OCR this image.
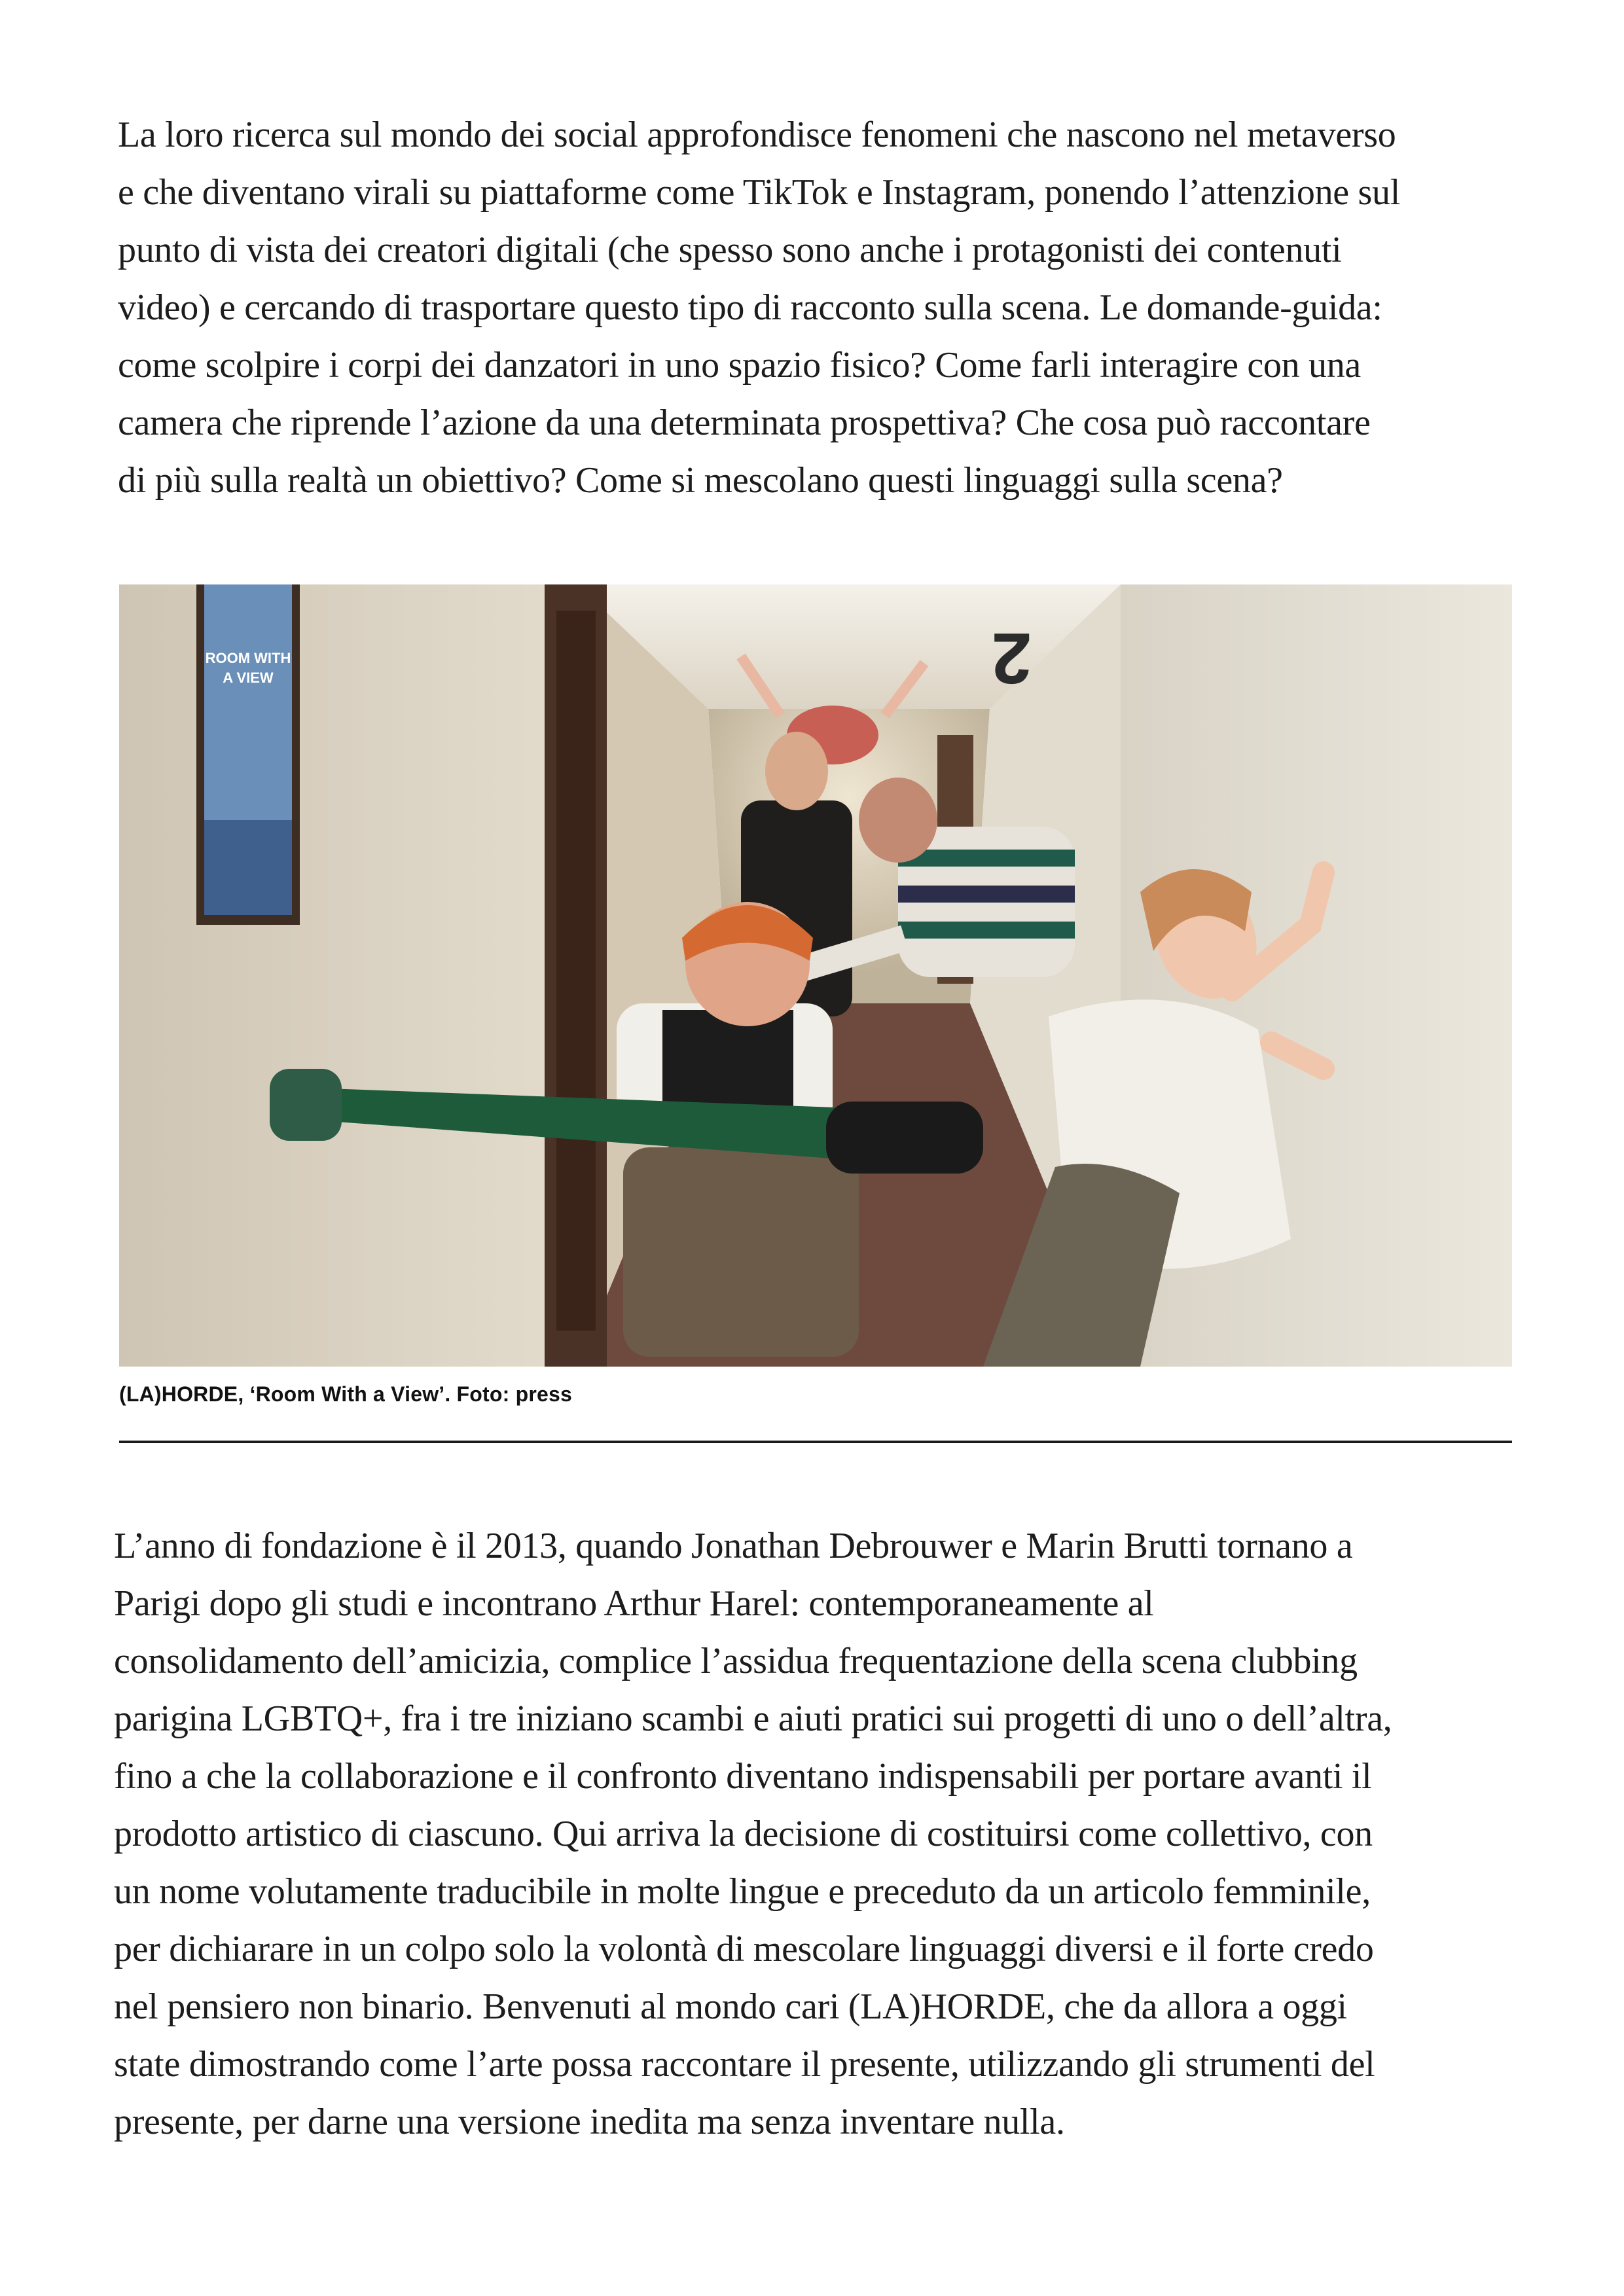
La loro ricerca sul mondo dei social approfondisce fenomeni che nascono nel metaverso
e che diventano virali su piattaforme come TikTok e Instagram, ponendo l’attenzione sul
punto di vista dei creatori digitali (che spesso sono anche i protagonisti dei contenuti
video) e cercando di trasportare questo tipo di racconto sulla scena. Le domande-guida:
come scolpire i corpi dei danzatori in uno spazio fisico? Come farli interagire con una
camera che riprende l’azione da una determinata prospettiva? Che cosa può raccontare
di più sulla realtà un obiettivo? Come si mescolano questi linguaggi sulla scena?

ROOM WITH
A VIEW	2
(LA)HORDE, ‘Room With a View’. Foto: press

L’anno di fondazione è il 2013, quando Jonathan Debrouwer e Marin Brutti tornano a
Parigi dopo gli studi e incontrano Arthur Harel: contemporaneamente al
consolidamento dell’amicizia, complice l’assidua frequentazione della scena clubbing
parigina LGBTQ+, fra i tre iniziano scambi e aiuti pratici sui progetti di uno o dell’altra,
fino a che la collaborazione e il confronto diventano indispensabili per portare avanti il
prodotto artistico di ciascuno. Qui arriva la decisione di costituirsi come collettivo, con
un nome volutamente traducibile in molte lingue e preceduto da un articolo femminile,
per dichiarare in un colpo solo la volontà di mescolare linguaggi diversi e il forte credo
nel pensiero non binario. Benvenuti al mondo cari (LA)HORDE, che da allora a oggi
state dimostrando come l’arte possa raccontare il presente, utilizzando gli strumenti del
presente, per darne una versione inedita ma senza inventare nulla.
